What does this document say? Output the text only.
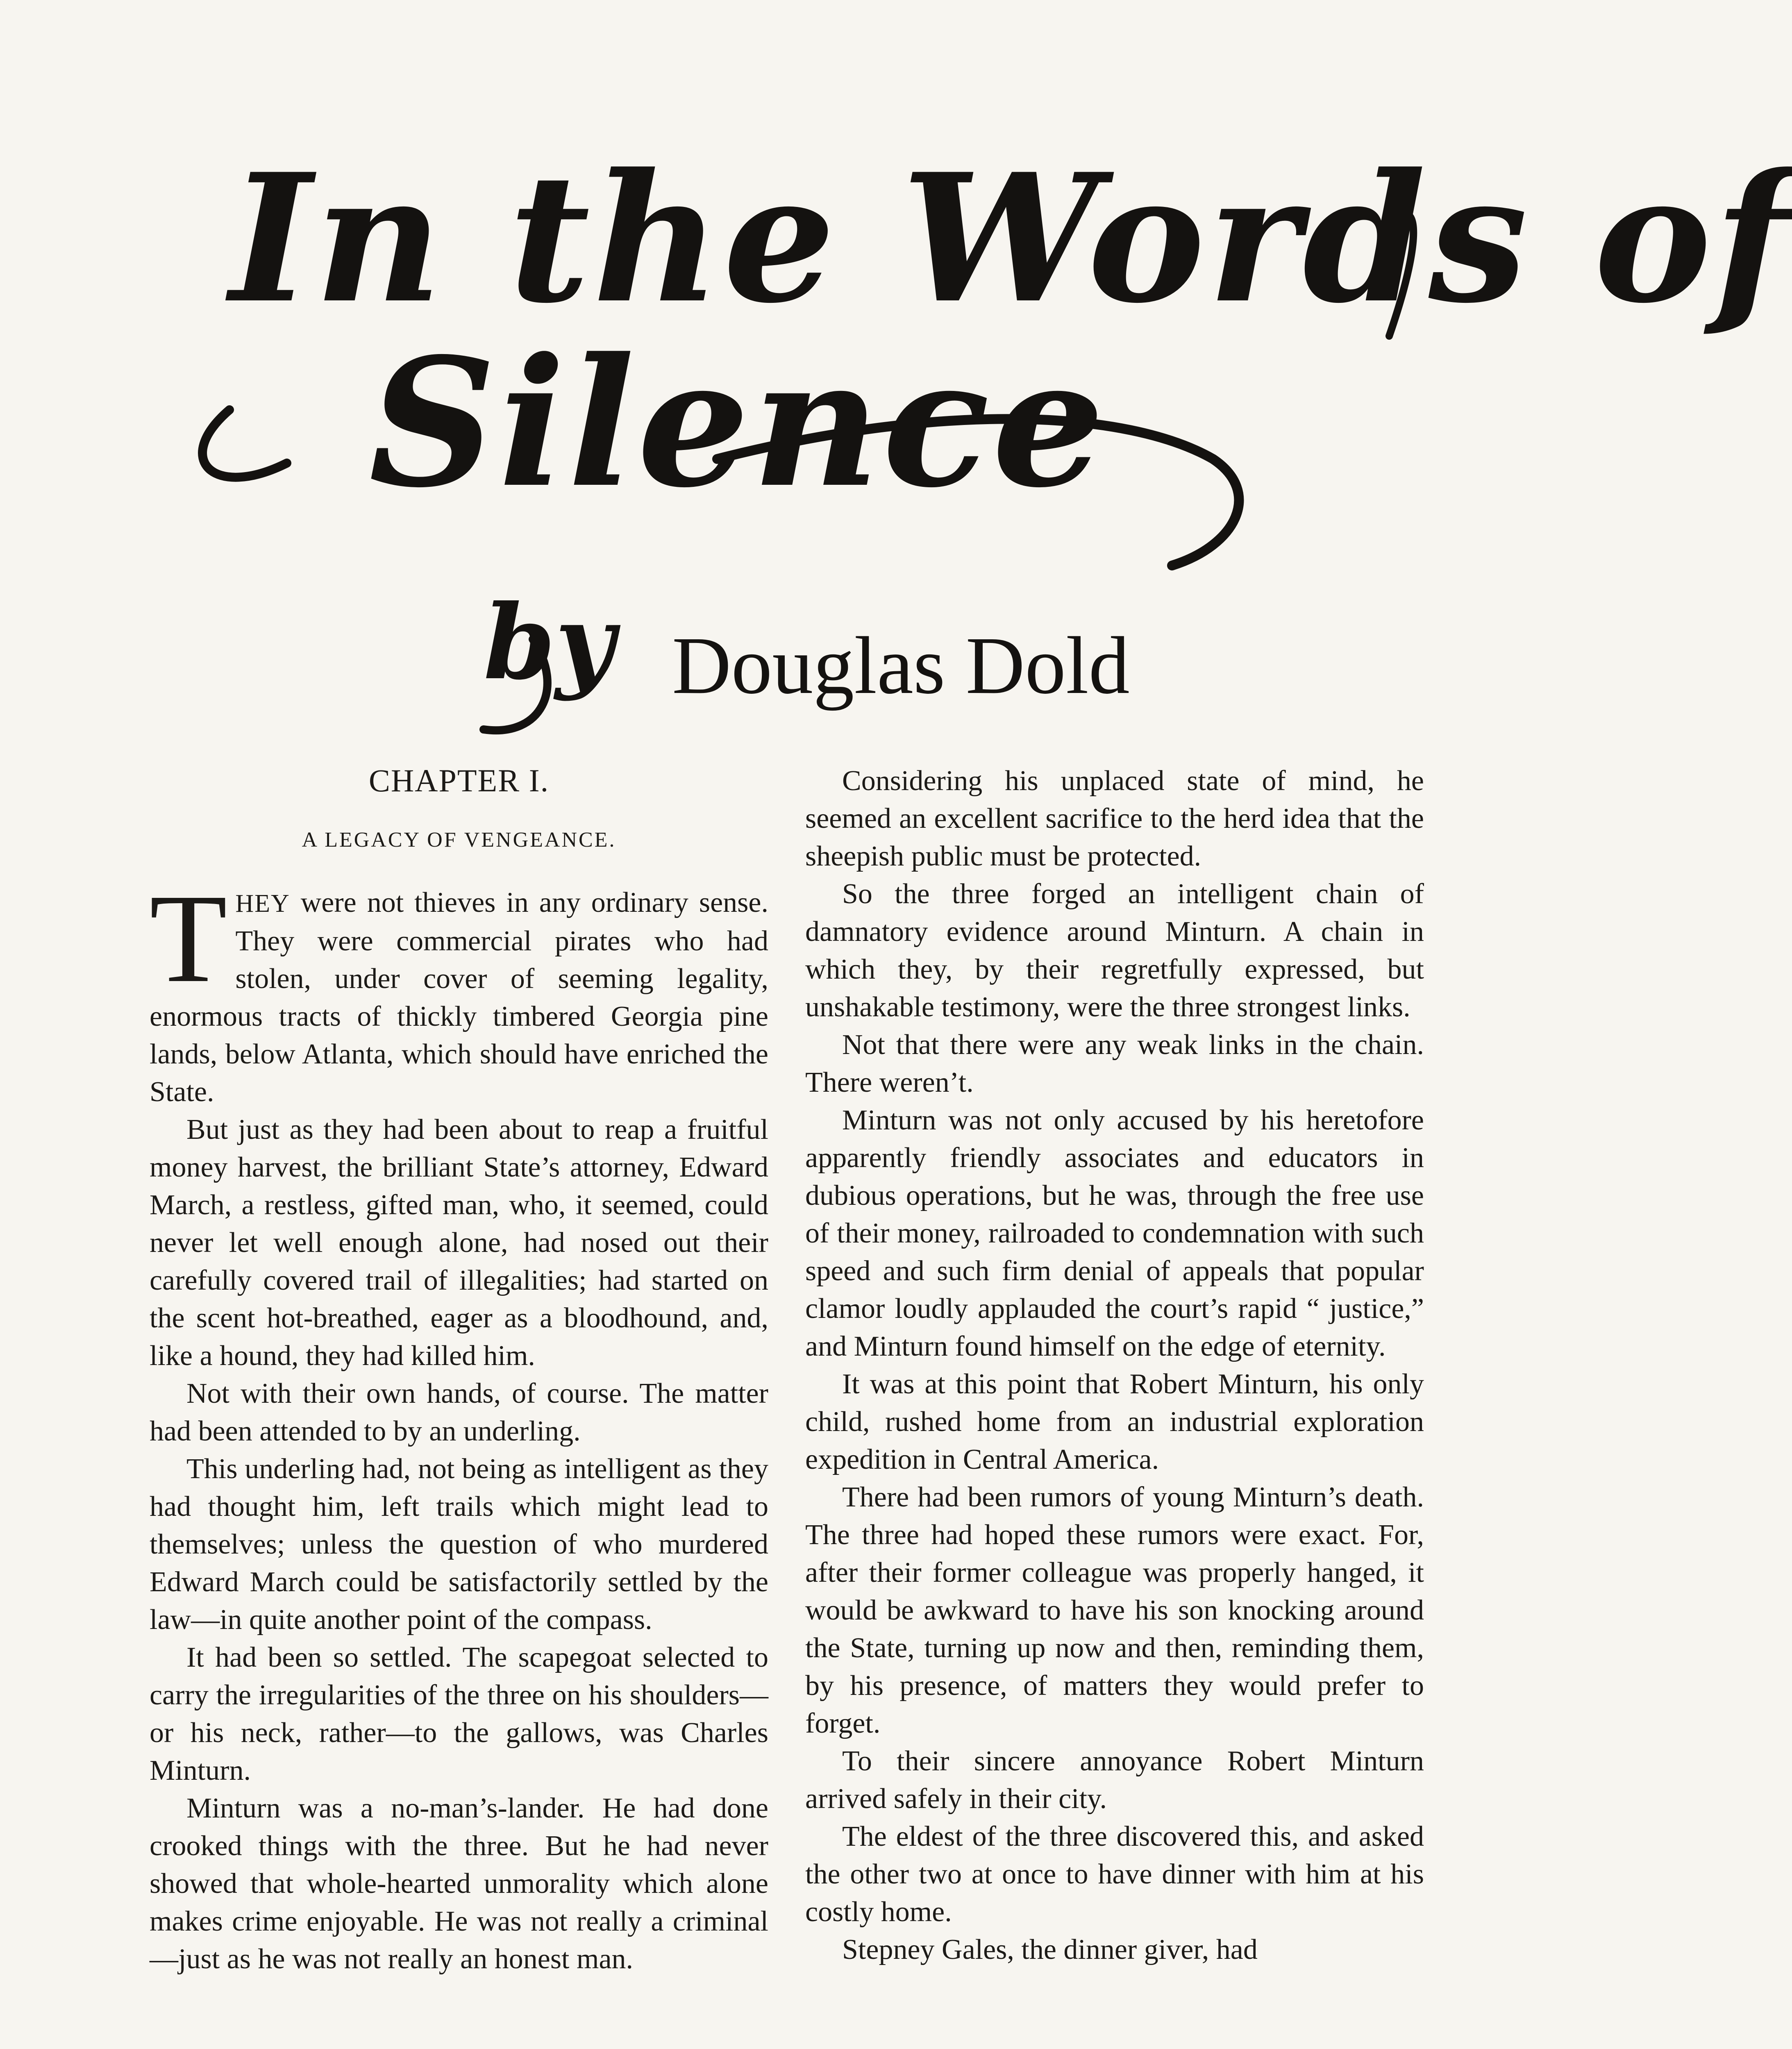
In the Words of
Silence

by Douglas Dold

CHAPTER I.

A LEGACY OF VENGEANCE.

THEY were not thieves in any ordinary sense. They were commercial pirates who had stolen, under cover of seeming legality, enormous tracts of thickly timbered Georgia pine lands, below Atlanta, which should have enriched the State.

But just as they had been about to reap a fruitful money harvest, the brilliant State’s attorney, Edward March, a restless, gifted man, who, it seemed, could never let well enough alone, had nosed out their carefully covered trail of illegalities; had started on the scent hot-breathed, eager as a bloodhound, and, like a hound, they had killed him.

Not with their own hands, of course. The matter had been attended to by an underling.

This underling had, not being as intelligent as they had thought him, left trails which might lead to themselves; unless the question of who murdered Edward March could be satisfactorily settled by the law—in quite another point of the compass.

It had been so settled. The scapegoat selected to carry the irregularities of the three on his shoulders—or his neck, rather—to the gallows, was Charles Minturn.

Minturn was a no-man’s-lander. He had done crooked things with the three. But he had never showed that whole-hearted unmorality which alone makes crime enjoyable. He was not really a criminal—just as he was not really an honest man.

Considering his unplaced state of mind, he seemed an excellent sacrifice to the herd idea that the sheepish public must be protected.

So the three forged an intelligent chain of damnatory evidence around Minturn. A chain in which they, by their regretfully expressed, but unshakable testimony, were the three strongest links.

Not that there were any weak links in the chain. There weren’t.

Minturn was not only accused by his heretofore apparently friendly associates and educators in dubious operations, but he was, through the free use of their money, railroaded to condemnation with such speed and such firm denial of appeals that popular clamor loudly applauded the court’s rapid “ justice,” and Minturn found himself on the edge of eternity.

It was at this point that Robert Minturn, his only child, rushed home from an industrial exploration expedition in Central America.

There had been rumors of young Minturn’s death. The three had hoped these rumors were exact. For, after their former colleague was properly hanged, it would be awkward to have his son knocking around the State, turning up now and then, reminding them, by his presence, of matters they would prefer to forget.

To their sincere annoyance Robert Minturn arrived safely in their city.

The eldest of the three discovered this, and asked the other two at once to have dinner with him at his costly home.

Stepney Gales, the dinner giver, had
